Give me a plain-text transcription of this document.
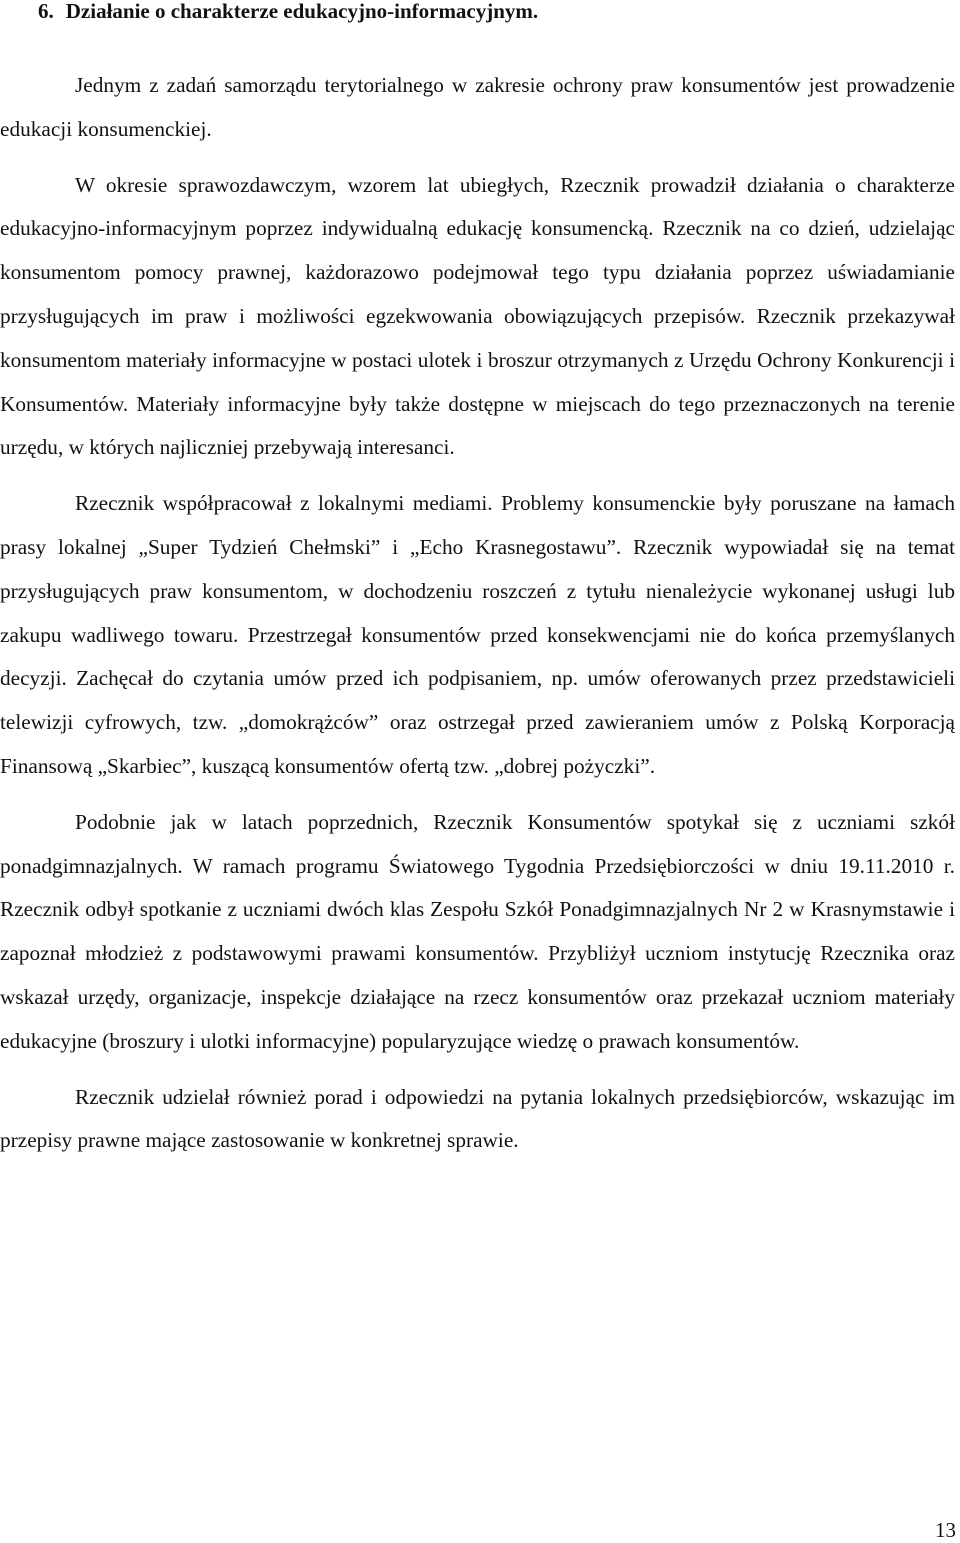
6. Działanie o charakterze edukacyjno-informacyjnym.

Jednym z zadań samorządu terytorialnego w zakresie ochrony praw konsumentów jest prowadzenie edukacji konsumenckiej.

W okresie sprawozdawczym, wzorem lat ubiegłych, Rzecznik prowadził działania o charakterze edukacyjno-informacyjnym poprzez indywidualną edukację konsumencką. Rzecznik na co dzień, udzielając konsumentom pomocy prawnej, każdorazowo podejmował tego typu działania poprzez uświadamianie przysługujących im praw i możliwości egzekwowania obowiązujących przepisów. Rzecznik przekazywał konsumentom materiały informacyjne w postaci ulotek i broszur otrzymanych z Urzędu Ochrony Konkurencji i Konsumentów. Materiały informacyjne były także dostępne w miejscach do tego przeznaczonych na terenie urzędu, w których najliczniej przebywają interesanci.

Rzecznik współpracował z lokalnymi mediami. Problemy konsumenckie były poruszane na łamach prasy lokalnej „Super Tydzień Chełmski” i „Echo Krasnegostawu”. Rzecznik wypowiadał się na temat przysługujących praw konsumentom, w dochodzeniu roszczeń z tytułu nienależycie wykonanej usługi lub zakupu wadliwego towaru. Przestrzegał konsumentów przed konsekwencjami nie do końca przemyślanych decyzji. Zachęcał do czytania umów przed ich podpisaniem, np. umów oferowanych przez przedstawicieli telewizji cyfrowych, tzw. „domokrążców” oraz ostrzegał przed zawieraniem umów z Polską Korporacją Finansową „Skarbiec”, kuszącą konsumentów ofertą tzw. „dobrej pożyczki”.

Podobnie jak w latach poprzednich, Rzecznik Konsumentów spotykał się z uczniami szkół ponadgimnazjalnych. W ramach programu Światowego Tygodnia Przedsiębiorczości w dniu 19.11.2010 r. Rzecznik odbył spotkanie z uczniami dwóch klas Zespołu Szkół Ponadgimnazjalnych Nr 2 w Krasnymstawie i zapoznał młodzież z podstawowymi prawami konsumentów. Przybliżył uczniom instytucję Rzecznika oraz wskazał urzędy, organizacje, inspekcje działające na rzecz konsumentów oraz przekazał uczniom materiały edukacyjne (broszury i ulotki informacyjne) popularyzujące wiedzę o prawach konsumentów.

Rzecznik udzielał również porad i odpowiedzi na pytania lokalnych przedsiębiorców, wskazując im przepisy prawne mające zastosowanie w konkretnej sprawie.

13
